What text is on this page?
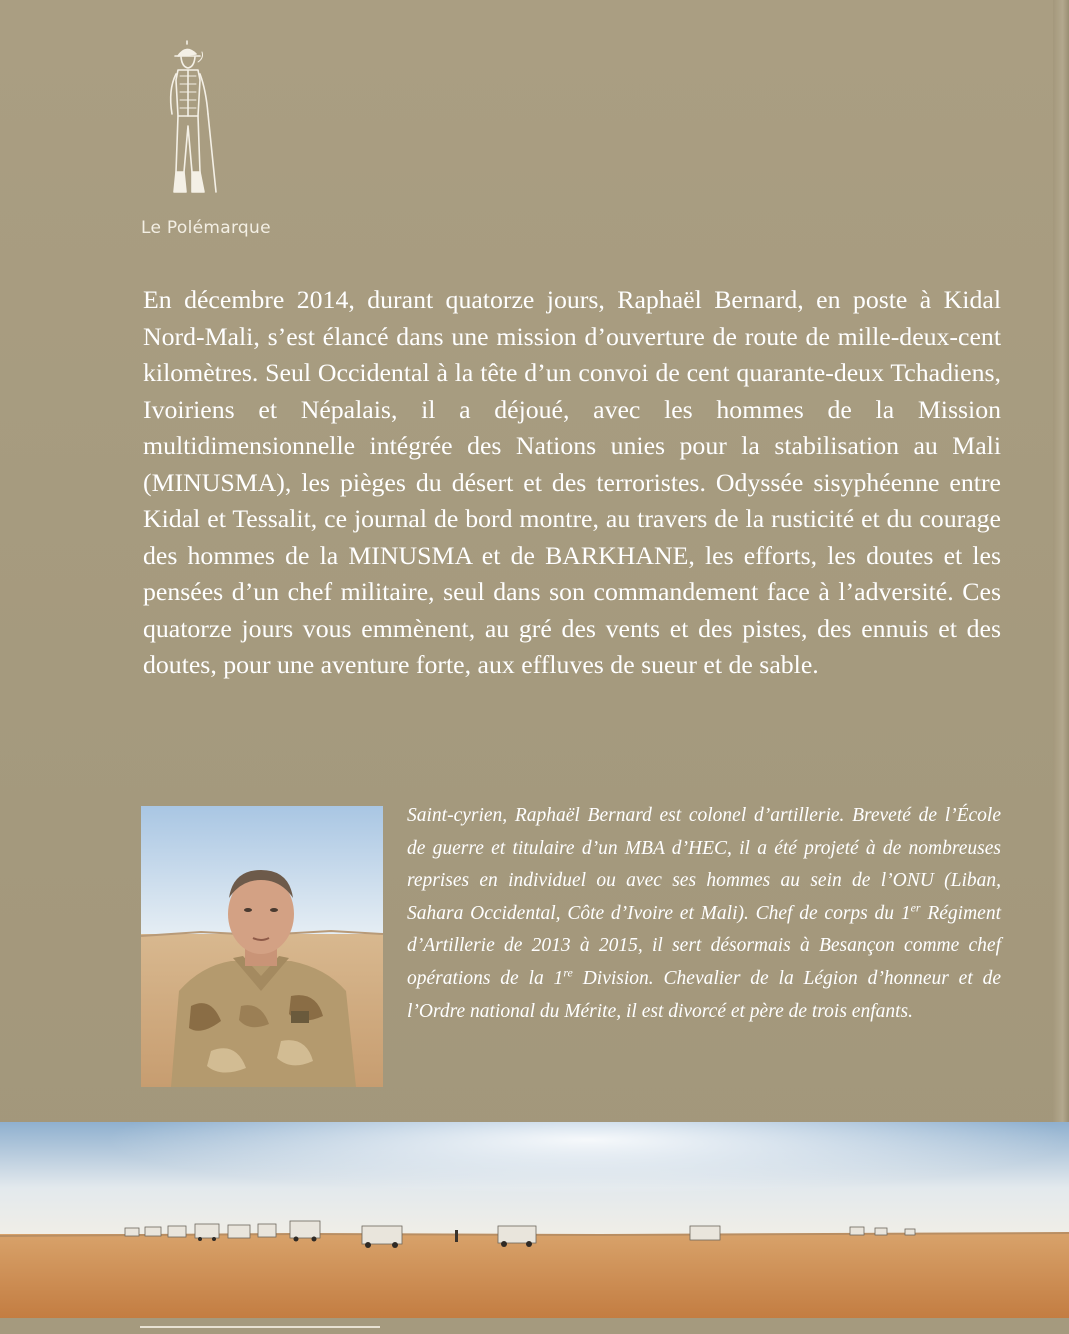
Le Polémarque

En décembre 2014, durant quatorze jours, Raphaël Bernard, en poste à Kidal Nord-Mali, s’est élancé dans une mission d’ouverture de route de mille-deux-cent kilomètres. Seul Occidental à la tête d’un convoi de cent quarante-deux Tchadiens, Ivoiriens et Népalais, il a déjoué, avec les hommes de la Mission multidimensionnelle intégrée des Nations unies pour la stabilisation au Mali (MINUSMA), les pièges du désert et des terroristes. Odyssée sisyphéenne entre Kidal et Tessalit, ce journal de bord montre, au travers de la rusticité et du courage des hommes de la MINUSMA et de BARKHANE, les efforts, les doutes et les pensées d’un chef militaire, seul dans son commandement face à l’adversité. Ces quatorze jours vous emmènent, au gré des vents et des pistes, des ennuis et des doutes, pour une aventure forte, aux effluves de sueur et de sable.

Saint-cyrien, Raphaël Bernard est colonel d’artillerie. Breveté de l’École de guerre et titulaire d’un MBA d’HEC, il a été projeté à de nombreuses reprises en individuel ou avec ses hommes au sein de l’ONU (Liban, Sahara Occidental, Côte d’Ivoire et Mali). Chef de corps du 1er Régiment d’Artillerie de 2013 à 2015, il sert désormais à Besançon comme chef opérations de la 1re Division. Chevalier de la Légion d’honneur et de l’Ordre national du Mérite, il est divorcé et père de trois enfants.
